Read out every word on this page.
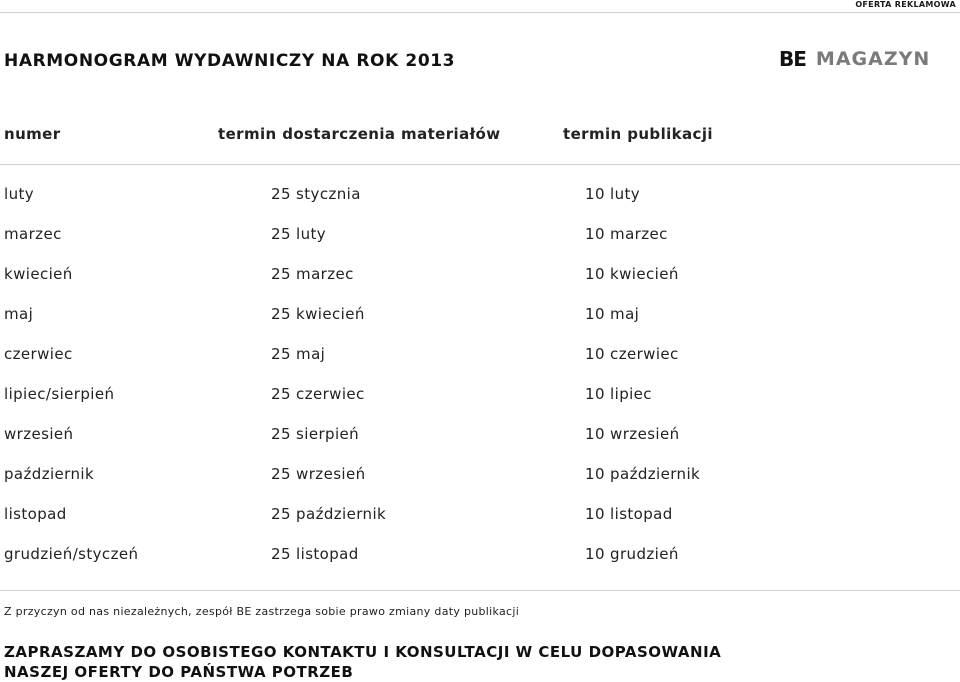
OFERTA REKLAMOWA
HARMONOGRAM WYDAWNICZY NA ROK 2013	BE MAGAZYN
numer	termin dostarczenia materiałów	termin publikacji
luty	25 stycznia	10 luty
marzec	25 luty	10 marzec
kwiecień	25 marzec	10 kwiecień
maj	25 kwiecień	10 maj
czerwiec	25 maj	10 czerwiec
lipiec/sierpień	25 czerwiec	10 lipiec
wrzesień	25 sierpień	10 wrzesień
październik	25 wrzesień	10 październik
listopad	25 październik	10 listopad
grudzień/styczeń	25 listopad	10 grudzień

Z przyczyn od nas niezależnych, zespół BE zastrzega sobie prawo zmiany daty publikacji

ZAPRASZAMY DO OSOBISTEGO KONTAKTU I KONSULTACJI W CELU DOPASOWANIA
NASZEJ OFERTY DO PAŃSTWA POTRZEB
